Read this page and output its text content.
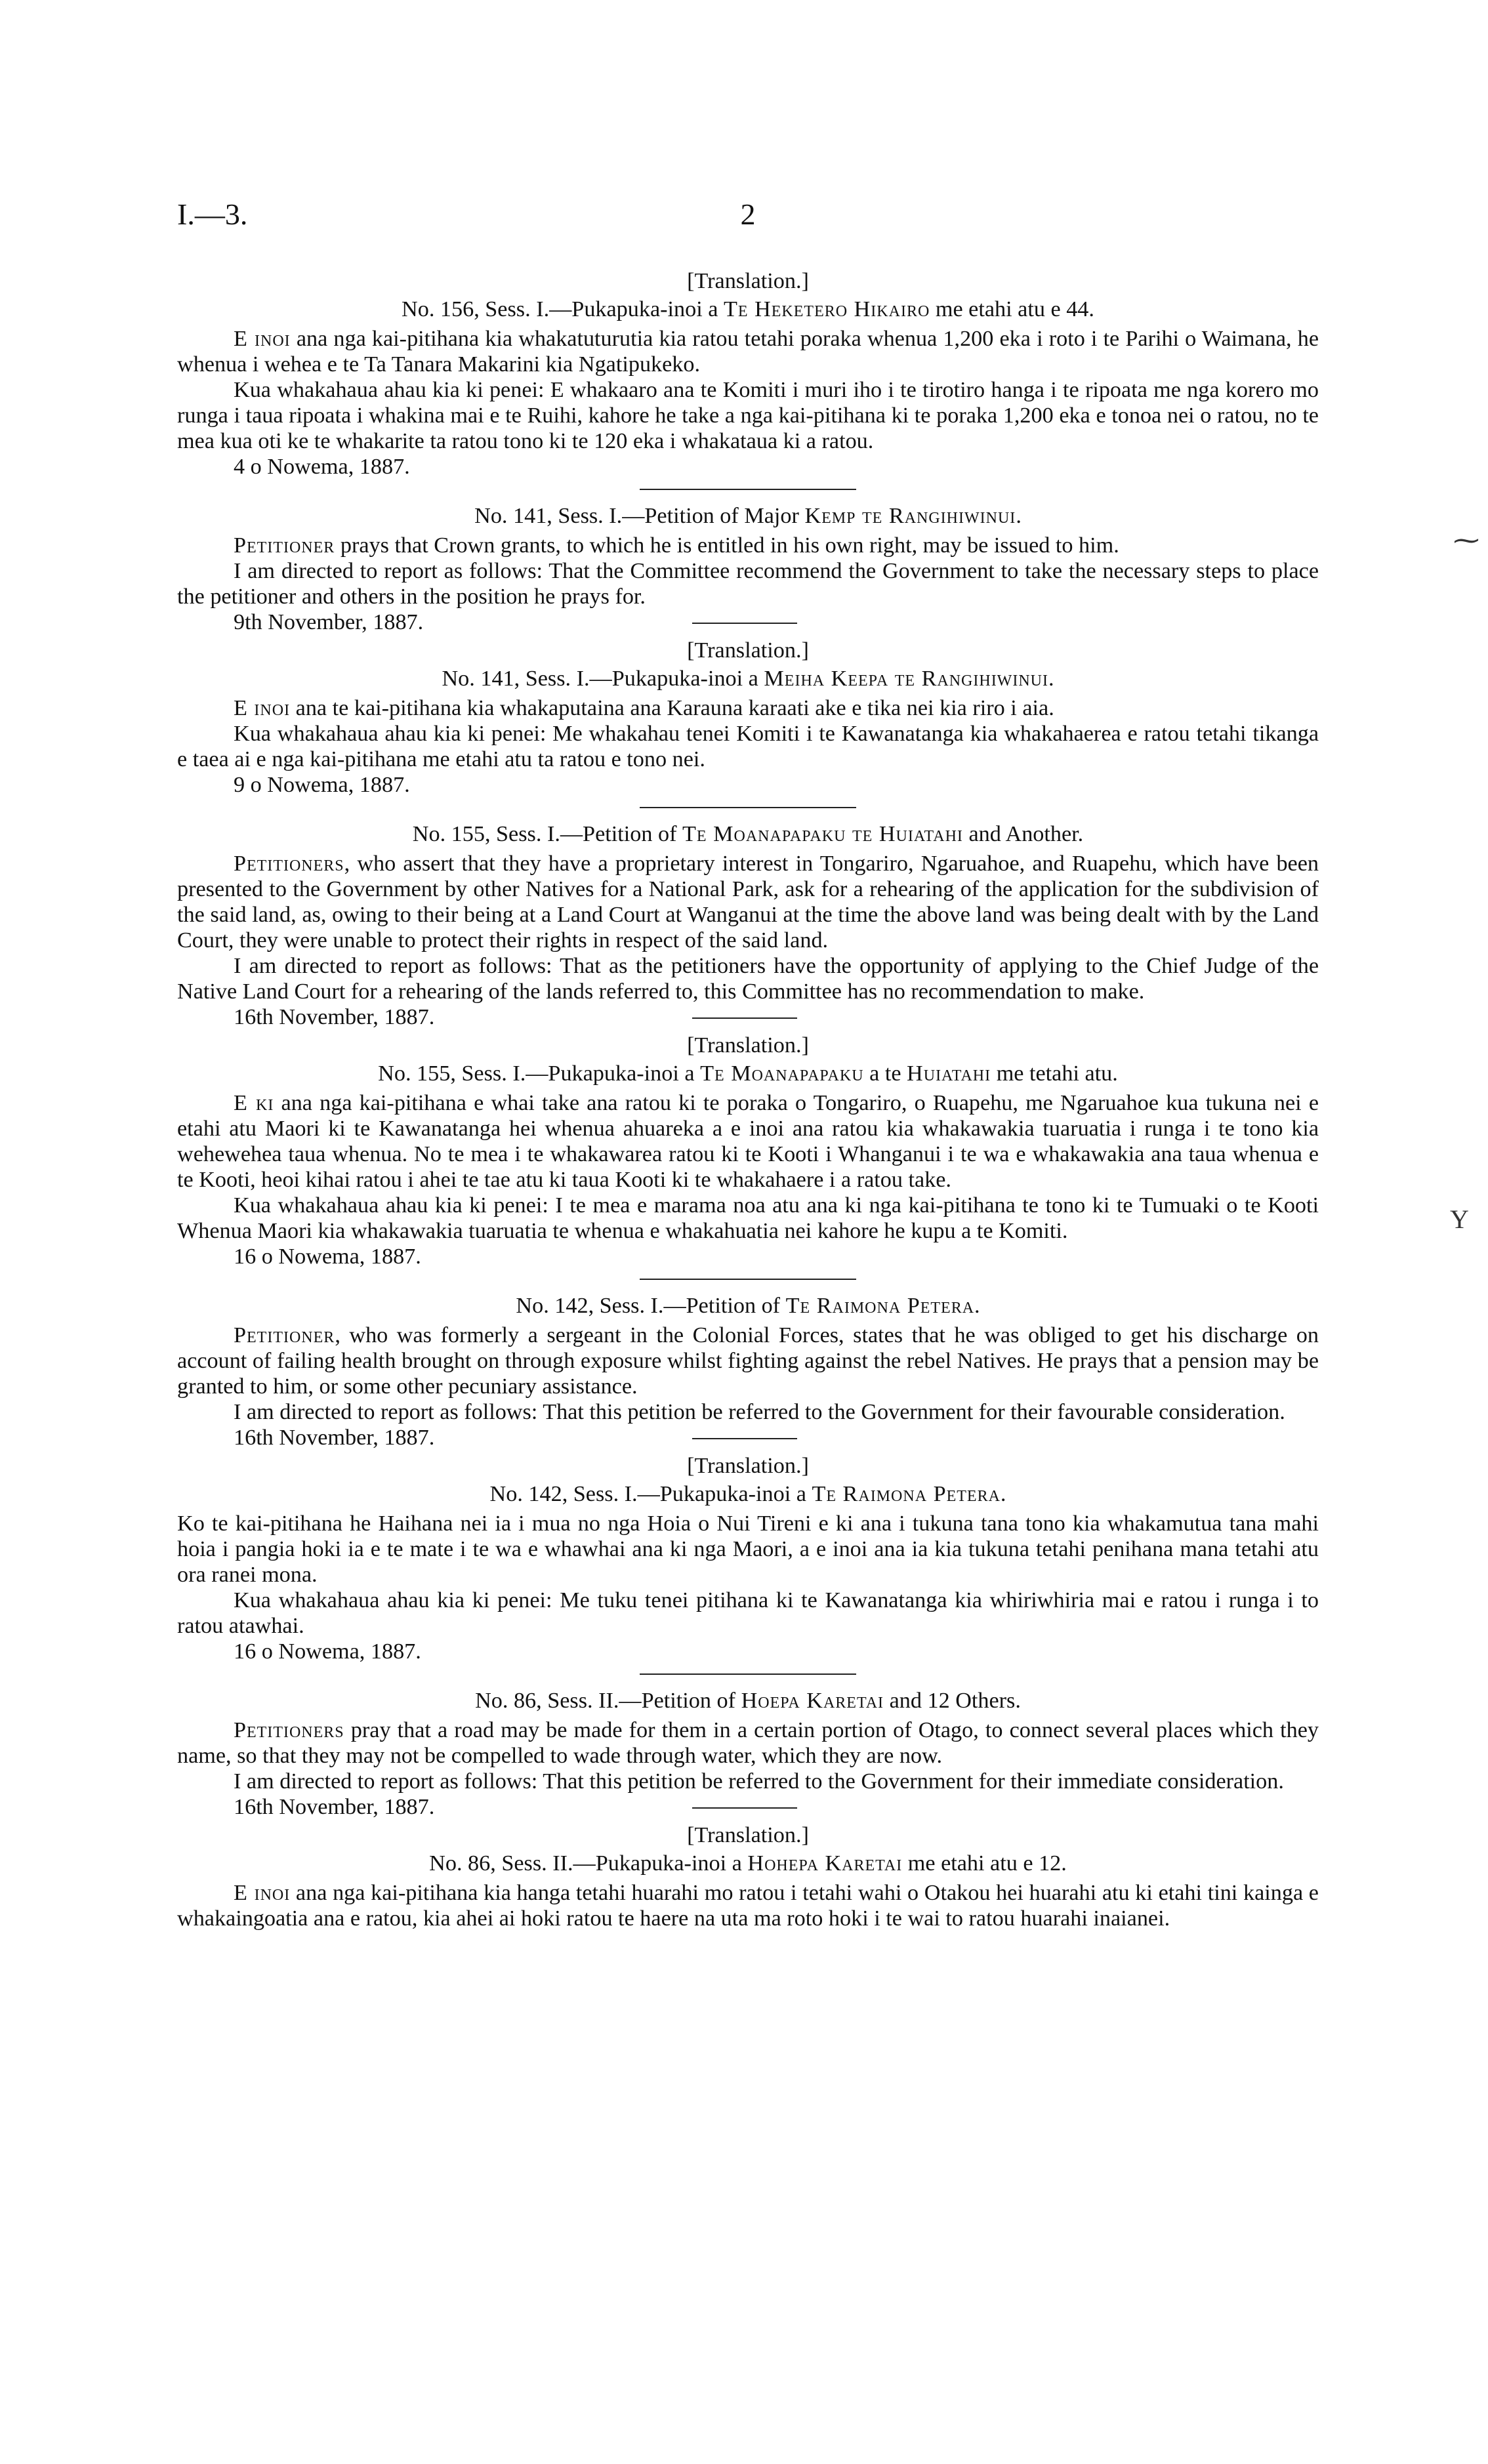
I.—3.	2
⁓
Y
[Translation.]
No. 156, Sess. I.—Pukapuka-inoi a Te Heketero Hikairo me etahi atu e 44.

E inoi ana nga kai-pitihana kia whakatuturutia kia ratou tetahi poraka whenua 1,200 eka i roto i te Parihi o Waimana, he whenua i wehea e te Ta Tanara Makarini kia Ngatipukeko.

Kua whakahaua ahau kia ki penei: E whakaaro ana te Komiti i muri iho i te tirotiro hanga i te ripoata me nga korero mo runga i taua ripoata i whakina mai e te Ruihi, kahore he take a nga kai-pitihana ki te poraka 1,200 eka e tonoa nei o ratou, no te mea kua oti ke te whakarite ta ratou tono ki te 120 eka i whakataua ki a ratou.

4 o Nowema, 1887.
No. 141, Sess. I.—Petition of Major Kemp te Rangihiwinui.

Petitioner prays that Crown grants, to which he is entitled in his own right, may be issued to him.

I am directed to report as follows: That the Committee recommend the Government to take the necessary steps to place the petitioner and others in the position he prays for.

9th November, 1887.
[Translation.]
No. 141, Sess. I.—Pukapuka-inoi a Meiha Keepa te Rangihiwinui.

E inoi ana te kai-pitihana kia whakaputaina ana Karauna karaati ake e tika nei kia riro i aia.

Kua whakahaua ahau kia ki penei: Me whakahau tenei Komiti i te Kawanatanga kia whakahaerea e ratou tetahi tikanga e taea ai e nga kai-pitihana me etahi atu ta ratou e tono nei.

9 o Nowema, 1887.
No. 155, Sess. I.—Petition of Te Moanapapaku te Huiatahi and Another.

Petitioners, who assert that they have a proprietary interest in Tongariro, Ngaruahoe, and Ruapehu, which have been presented to the Government by other Natives for a National Park, ask for a rehearing of the application for the subdivision of the said land, as, owing to their being at a Land Court at Wanganui at the time the above land was being dealt with by the Land Court, they were unable to protect their rights in respect of the said land.

I am directed to report as follows: That as the petitioners have the opportunity of applying to the Chief Judge of the Native Land Court for a rehearing of the lands referred to, this Committee has no recommendation to make.

16th November, 1887.
[Translation.]
No. 155, Sess. I.—Pukapuka-inoi a Te Moanapapaku a te Huiatahi me tetahi atu.

E ki ana nga kai-pitihana e whai take ana ratou ki te poraka o Tongariro, o Ruapehu, me Ngaruahoe kua tukuna nei e etahi atu Maori ki te Kawanatanga hei whenua ahuareka a e inoi ana ratou kia whakawakia tuaruatia i runga i te tono kia wehewehea taua whenua. No te mea i te whakawarea ratou ki te Kooti i Whanganui i te wa e whakawakia ana taua whenua e te Kooti, heoi kihai ratou i ahei te tae atu ki taua Kooti ki te whakahaere i a ratou take.

Kua whakahaua ahau kia ki penei: I te mea e marama noa atu ana ki nga kai-pitihana te tono ki te Tumuaki o te Kooti Whenua Maori kia whakawakia tuaruatia te whenua e whakahuatia nei kahore he kupu a te Komiti.

16 o Nowema, 1887.
No. 142, Sess. I.—Petition of Te Raimona Petera.

Petitioner, who was formerly a sergeant in the Colonial Forces, states that he was obliged to get his discharge on account of failing health brought on through exposure whilst fighting against the rebel Natives. He prays that a pension may be granted to him, or some other pecuniary assistance.

I am directed to report as follows: That this petition be referred to the Government for their favourable consideration.

16th November, 1887.
[Translation.]
No. 142, Sess. I.—Pukapuka-inoi a Te Raimona Petera.

Ko te kai-pitihana he Haihana nei ia i mua no nga Hoia o Nui Tireni e ki ana i tukuna tana tono kia whakamutua tana mahi hoia i pangia hoki ia e te mate i te wa e whawhai ana ki nga Maori, a e inoi ana ia kia tukuna tetahi penihana mana tetahi atu ora ranei mona.

Kua whakahaua ahau kia ki penei: Me tuku tenei pitihana ki te Kawanatanga kia whiriwhiria mai e ratou i runga i to ratou atawhai.

16 o Nowema, 1887.
No. 86, Sess. II.—Petition of Hoepa Karetai and 12 Others.

Petitioners pray that a road may be made for them in a certain portion of Otago, to connect several places which they name, so that they may not be compelled to wade through water, which they are now.

I am directed to report as follows: That this petition be referred to the Government for their immediate consideration.

16th November, 1887.
[Translation.]
No. 86, Sess. II.—Pukapuka-inoi a Hohepa Karetai me etahi atu e 12.

E inoi ana nga kai-pitihana kia hanga tetahi huarahi mo ratou i tetahi wahi o Otakou hei huarahi atu ki etahi tini kainga e whakaingoatia ana e ratou, kia ahei ai hoki ratou te haere na uta ma roto hoki i te wai to ratou huarahi inaianei.
